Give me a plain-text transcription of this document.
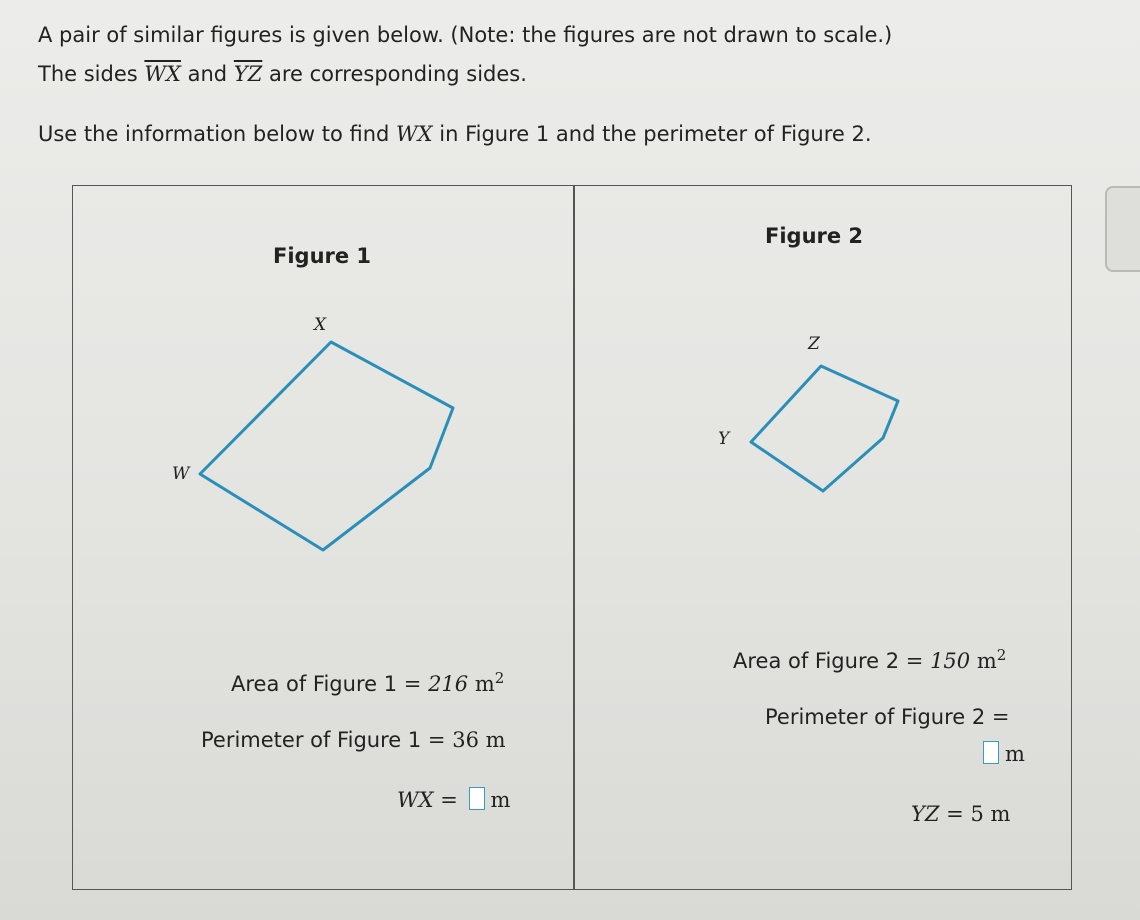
A pair of similar figures is given below. (Note: the figures are not drawn to scale.)
The sides $\overline{WX}$ and $\overline{YZ}$ are corresponding sides.
Use the information below to find WX in Figure 1 and the perimeter of Figure 2.
Figure 1
X
W
Area of Figure 1 = 216 $m^2$
Perimeter of Figure 1 = 36 m
WX = m
Figure 2
Z
Y
Area of Figure 2 = 150 $m^2$
Perimeter of Figure 2 =
m
YZ = 5 m
